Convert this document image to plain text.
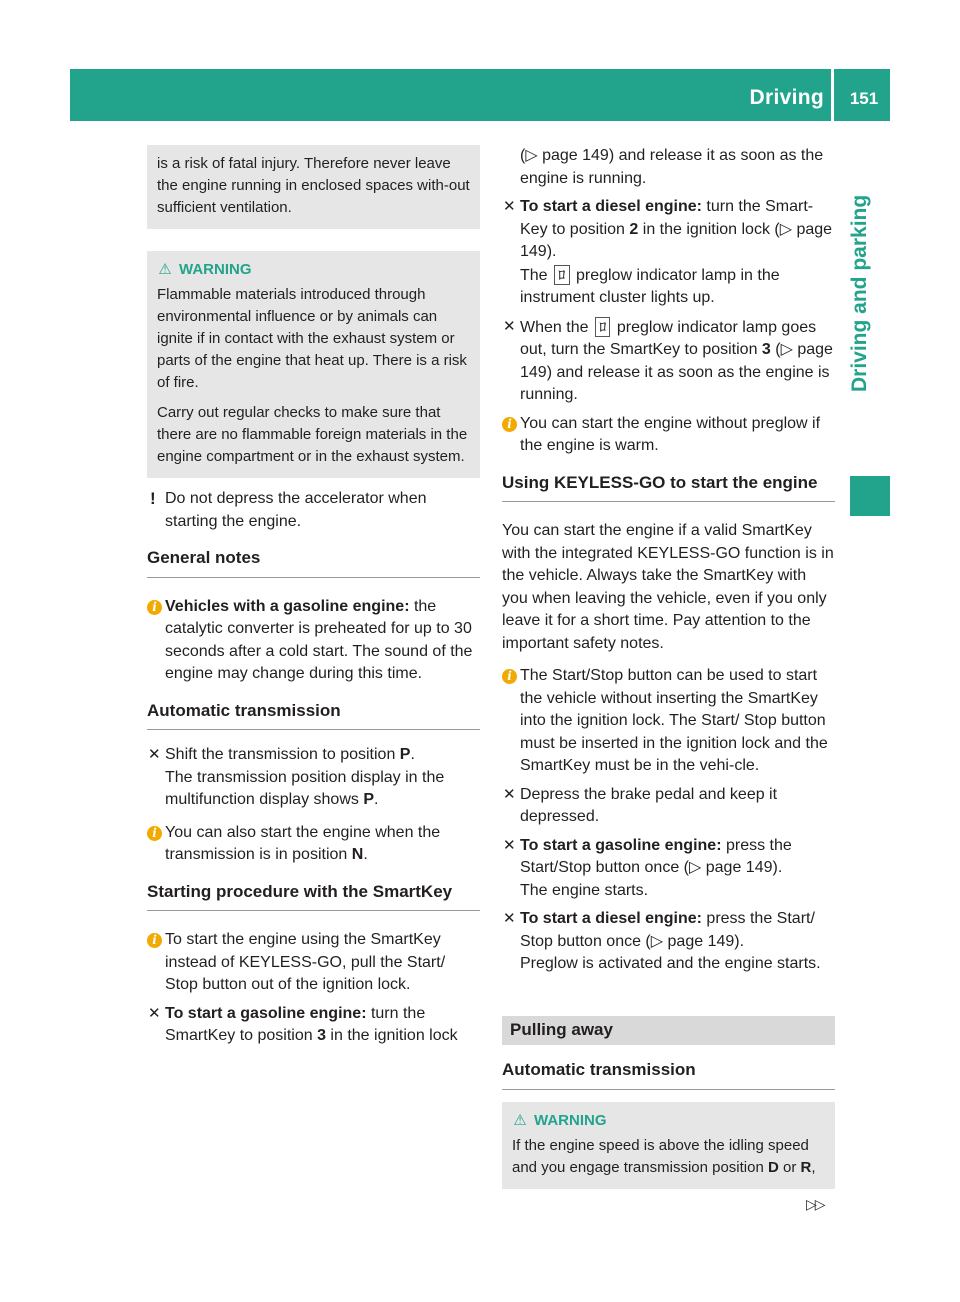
Driving	151
Driving and parking

is a risk of fatal injury. Therefore never leave the engine running in enclosed spaces with-out sufficient ventilation.

⚠ WARNING

Flammable materials introduced through environmental influence or by animals can ignite if in contact with the exhaust system or parts of the engine that heat up. There is a risk of fire.

Carry out regular checks to make sure that there are no flammable foreign materials in the engine compartment or in the exhaust system.

! Do not depress the accelerator when starting the engine.

General notes

i Vehicles with a gasoline engine: the catalytic converter is preheated for up to 30 seconds after a cold start. The sound of the engine may change during this time.

Automatic transmission

✕ Shift the transmission to position P.
The transmission position display in the multifunction display shows P.

i You can also start the engine when the transmission is in position N.

Starting procedure with the SmartKey

i To start the engine using the SmartKey instead of KEYLESS-GO, pull the Start/ Stop button out of the ignition lock.

✕ To start a gasoline engine: turn the SmartKey to position 3 in the ignition lock

(▷ page 149) and release it as soon as the engine is running.

✕ To start a diesel engine: turn the Smart-Key to position 2 in the ignition lock (▷ page 149).
The ﾛ preglow indicator lamp in the instrument cluster lights up.

✕ When the ﾛ preglow indicator lamp goes out, turn the SmartKey to position 3 (▷ page 149) and release it as soon as the engine is running.

i You can start the engine without preglow if the engine is warm.

Using KEYLESS-GO to start the engine

You can start the engine if a valid SmartKey with the integrated KEYLESS-GO function is in the vehicle. Always take the SmartKey with you when leaving the vehicle, even if you only leave it for a short time. Pay attention to the important safety notes.

i The Start/Stop button can be used to start the vehicle without inserting the SmartKey into the ignition lock. The Start/ Stop button must be inserted in the ignition lock and the SmartKey must be in the vehi-cle.

✕ Depress the brake pedal and keep it depressed.

✕ To start a gasoline engine: press the Start/Stop button once (▷ page 149).
The engine starts.

✕ To start a diesel engine: press the Start/ Stop button once (▷ page 149).
Preglow is activated and the engine starts.

Pulling away

Automatic transmission

⚠ WARNING

If the engine speed is above the idling speed and you engage transmission position D or R,

▷▷
